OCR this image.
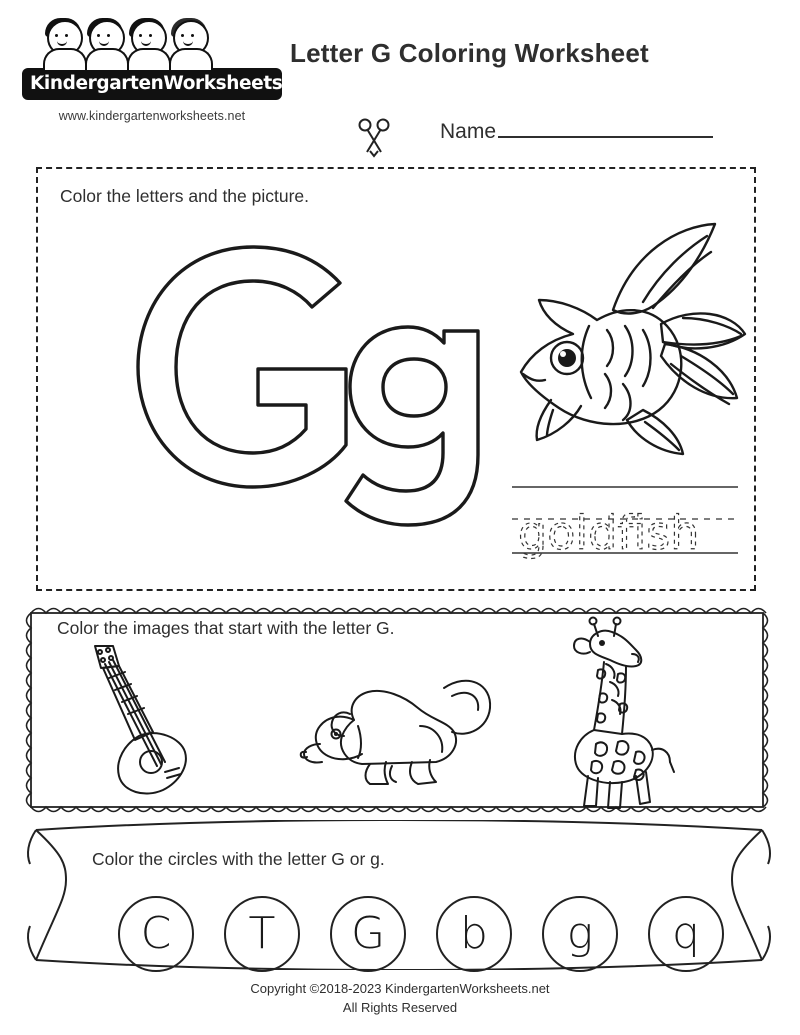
KindergartenWorksheets.net
www.kindergartenworksheets.net
Letter G Coloring Worksheet
Name
Color the letters and the picture.
goldfish
Color the images that start with the letter G.
Color the circles with the letter G or g.
C	T	G	b	g	q
Copyright ©2018-2023 KindergartenWorksheets.net
All Rights Reserved
